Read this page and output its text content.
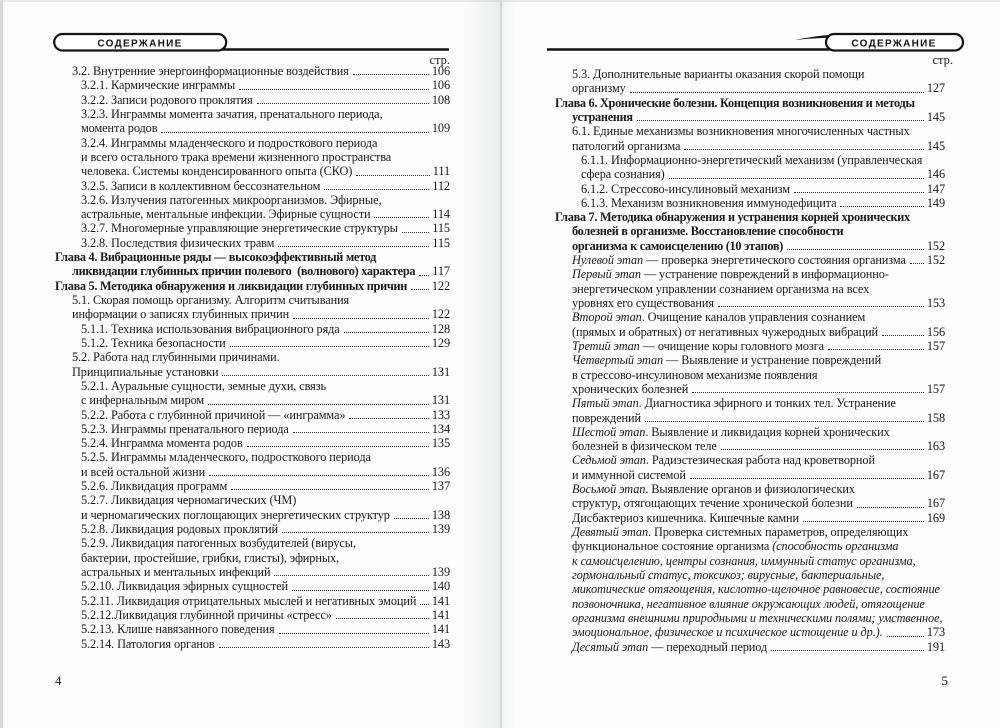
СОДЕРЖАНИЕ
стр.
3.2. Внутренние энергоинформационные воздействия	106
3.2.1. Кармические инграммы	106
3.2.2. Записи родового проклятия	108
3.2.3. Инграммы момента зачатия, пренатального периода,
момента родов	109
3.2.4. Инграммы младенческого и подросткового периода
и всего остального трака времени жизненного пространства
человека. Системы конденсированного опыта (СКО)	111
3.2.5. Записи в коллективном бессознательном	112
3.2.6. Излучения патогенных микроорганизмов. Эфирные,
астральные, ментальные инфекции. Эфирные сущности	114
3.2.7. Многомерные управляющие энергетические структуры	115
3.2.8. Последствия физических травм	115
Глава 4. Вибрационные ряды — высокоэффективный метод
ликвидации глубинных причин полевого  (волнового) характера 117
Глава 5. Методика обнаружения и ликвидации глубинных причин 122
5.1. Скорая помощь организму. Алгоритм считывания
информации о записях глубинных причин	122
5.1.1. Техника использования вибрационного ряда	128
5.1.2. Техника безопасности	129
5.2. Работа над глубинными причинами.
Принципиальные установки	131
5.2.1. Ауральные сущности, земные духи, связь
с инфернальным миром	131
5.2.2. Работа с глубинной причиной — «инграмма»	133
5.2.3. Инграммы пренатального периода	134
5.2.4. Инграмма момента родов	135
5.2.5. Инграммы младенческого, подросткового периода
и всей остальной жизни	136
5.2.6. Ликвидация программ	137
5.2.7. Ликвидация черномагических (ЧМ)
и черномагических поглощающих энергетических структур	138
5.2.8. Ликвидация родовых проклятий	139
5.2.9. Ликвидация патогенных возбудителей (вирусы,
бактерии, простейшие, грибки, глисты), эфирных,
астральных и ментальных инфекций	139
5.2.10. Ликвидация эфирных сущностей	140
5.2.11. Ликвидация отрицательных мыслей и негативных эмоций 141
5.2.12.Ликвидация глубинной причины «стресс»	141
5.2.13. Клише навязанного поведения	141
5.2.14. Патология органов	143
4
СОДЕРЖАНИЕ
стр.
5.3. Дополнительные варианты оказания скорой помощи
организму	127
Глава 6. Хронические болезни. Концепция возникновения и методы
устранения	145
6.1. Единые механизмы возникновения многочисленных частных
патологий организма	145
6.1.1. Информационно-энергетический механизм (управленческая
сфера сознания)	146
6.1.2. Стрессово-инсулиновый механизм	147
6.1.3. Механизм возникновения иммунодефицита	149
Глава 7. Методика обнаружения и устранения корней хронических
болезней в организме. Восстановление способности
организма к самоисцелению (10 этапов)	152
Нулевой этап — проверка энергетического состояния организма 152
Первый этап — устранение повреждений в информационно-
энергетическом управлении сознанием организма на всех
уровнях его существования	153
Второй этап . Очищение каналов управления сознанием
(прямых и обратных) от негативных чужеродных вибраций	156
Третий этап — очищение коры головного мозга	157
Четвертый этап — Выявление и устранение повреждений
в стрессово-инсулиновом механизме появления
хронических болезней	157
Пятый этап . Диагностика эфирного и тонких тел. Устранение
повреждений	158
Шестой этап . Выявление и ликвидация корней хронических
болезней в физическом теле	163
Седьмой этап . Радиэстезическая работа над кроветворной
и иммунной системой	167
Восьмой этап . Выявление органов и физиологических
структур, отягощающих течение хронической болезни	167
Дисбактериоз кишечника. Кишечные камни	169
Девятый этап . Проверка системных параметров, определяющих
функциональное состояние организма (способность организма
к самоисцелению, центры сознания, иммунный статус организма,
гормональный статус, токсикоз; вирусные, бактериальные,
микотические отягощения, кислотно-щелочное равновесие, состояние
позвоночника, негативное влияние окружающих людей, отягощение
организма внешними природными и техническими полями; умственное,
эмоциональное, физическое и психическое истощение и др.).	173
Десятый этап — переходный период	191
5
